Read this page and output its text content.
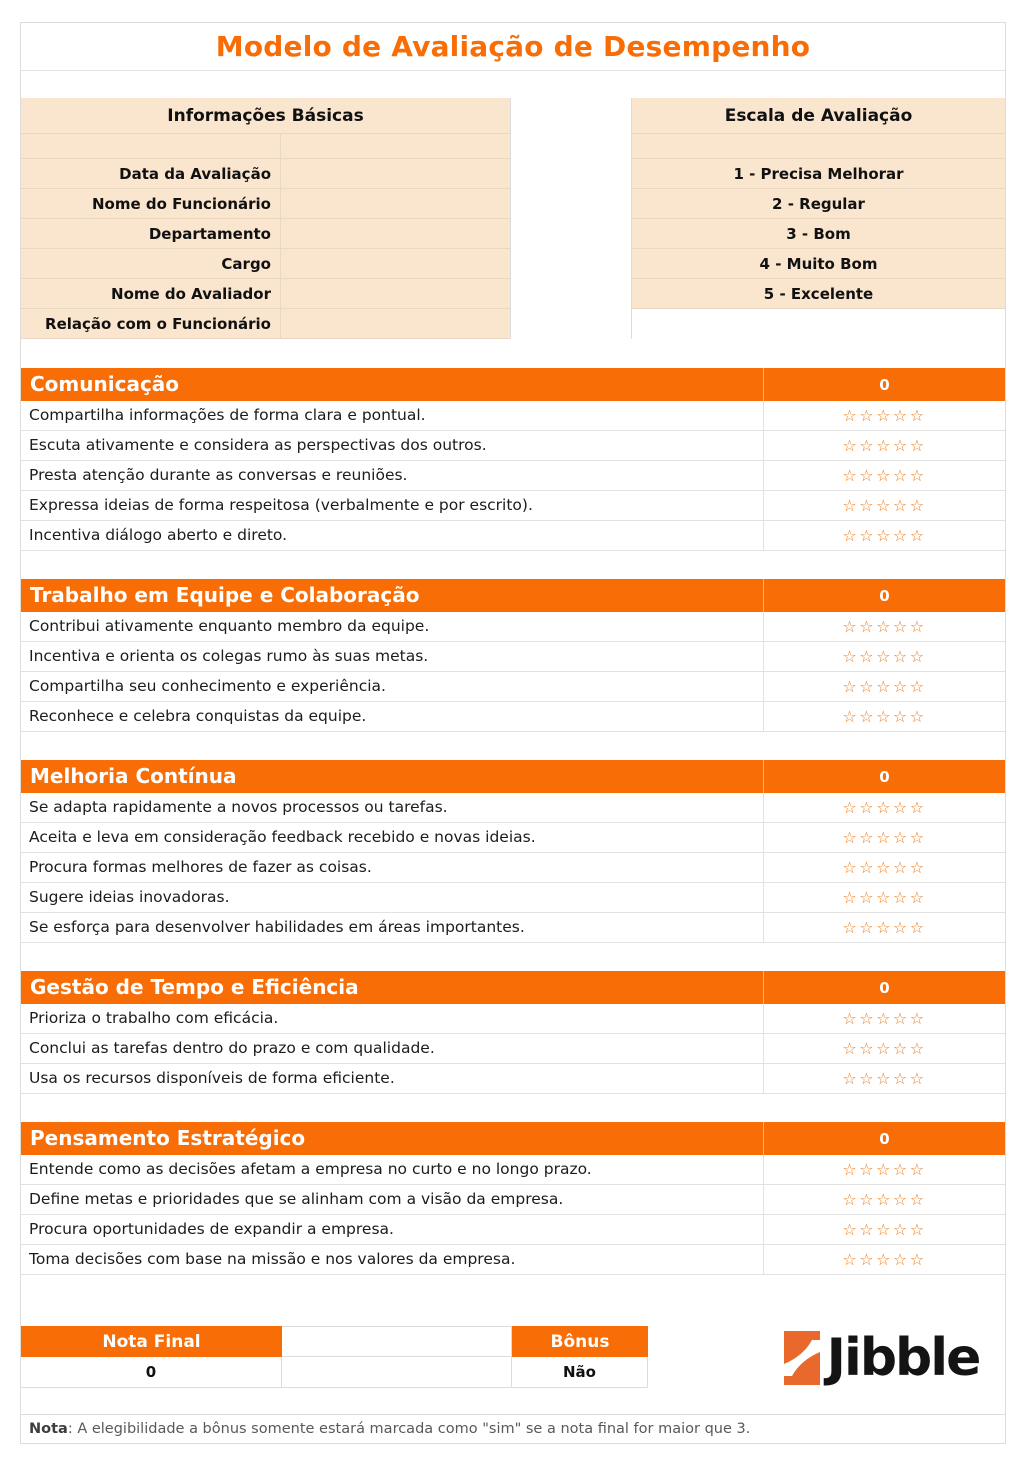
Modelo de Avaliação de Desempenho
Informações Básicas
Data da Avaliação
Nome do Funcionário
Departamento
Cargo
Nome do Avaliador
Relação com o Funcionário
Escala de Avaliação
1 - Precisa Melhorar
2 - Regular
3 - Bom
4 - Muito Bom
5 - Excelente
Comunicação	0
Compartilha informações de forma clara e pontual.	☆☆☆☆☆
Escuta ativamente e considera as perspectivas dos outros.	☆☆☆☆☆
Presta atenção durante as conversas e reuniões.	☆☆☆☆☆
Expressa ideias de forma respeitosa (verbalmente e por escrito).	☆☆☆☆☆
Incentiva diálogo aberto e direto.	☆☆☆☆☆
Trabalho em Equipe e Colaboração	0
Contribui ativamente enquanto membro da equipe.	☆☆☆☆☆
Incentiva e orienta os colegas rumo às suas metas.	☆☆☆☆☆
Compartilha seu conhecimento e experiência.	☆☆☆☆☆
Reconhece e celebra conquistas da equipe.	☆☆☆☆☆
Melhoria Contínua	0
Se adapta rapidamente a novos processos ou tarefas.	☆☆☆☆☆
Aceita e leva em consideração feedback recebido e novas ideias.	☆☆☆☆☆
Procura formas melhores de fazer as coisas.	☆☆☆☆☆
Sugere ideias inovadoras.	☆☆☆☆☆
Se esforça para desenvolver habilidades em áreas importantes.	☆☆☆☆☆
Gestão de Tempo e Eficiência	0
Prioriza o trabalho com eficácia.	☆☆☆☆☆
Conclui as tarefas dentro do prazo e com qualidade.	☆☆☆☆☆
Usa os recursos disponíveis de forma eficiente.	☆☆☆☆☆
Pensamento Estratégico	0
Entende como as decisões afetam a empresa no curto e no longo prazo.	☆☆☆☆☆
Define metas e prioridades que se alinham com a visão da empresa.	☆☆☆☆☆
Procura oportunidades de expandir a empresa.	☆☆☆☆☆
Toma decisões com base na missão e nos valores da empresa.	☆☆☆☆☆
Nota Final
0
Bônus
Não	Jibble
Nota : A elegibilidade a bônus somente estará marcada como "sim" se a nota final for maior que 3.
